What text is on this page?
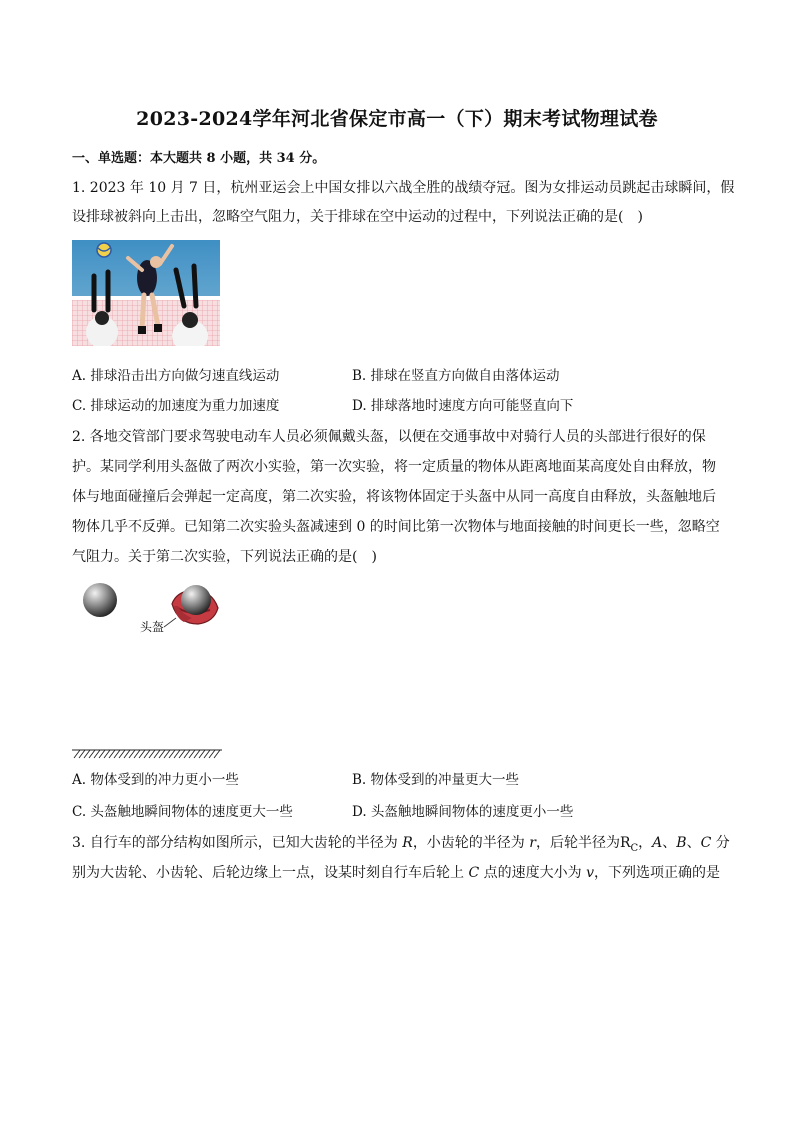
2023-2024学年河北省保定市高一（下）期末考试物理试卷
一、单选题：本大题共 8 小题，共 34 分。
1. 2023 年 10 月 7 日，杭州亚运会上中国女排以六战全胜的战绩夺冠。图为女排运动员跳起击球瞬间，假
设排球被斜向上击出，忽略空气阻力，关于排球在空中运动的过程中，下列说法正确的是(　)
A. 排球沿击出方向做匀速直线运动	B. 排球在竖直方向做自由落体运动
C. 排球运动的加速度为重力加速度	D. 排球落地时速度方向可能竖直向下
2. 各地交管部门要求驾驶电动车人员必须佩戴头盔，以便在交通事故中对骑行人员的头部进行很好的保
护。某同学利用头盔做了两次小实验，第一次实验，将一定质量的物体从距离地面某高度处自由释放，物
体与地面碰撞后会弹起一定高度，第二次实验，将该物体固定于头盔中从同一高度自由释放，头盔触地后
物体几乎不反弹。已知第二次实验头盔减速到 0 的时间比第一次物体与地面接触的时间更长一些，忽略空
气阻力。关于第二次实验，下列说法正确的是(　)
头盔
A. 物体受到的冲力更小一些	B. 物体受到的冲量更大一些
C. 头盔触地瞬间物体的速度更大一些	D. 头盔触地瞬间物体的速度更小一些
3. 自行车的部分结构如图所示，已知大齿轮的半径为 R，小齿轮的半径为 r，后轮半径为$R_C$，A、B、C 分
别为大齿轮、小齿轮、后轮边缘上一点，设某时刻自行车后轮上 C 点的速度大小为 v，下列选项正确的是
